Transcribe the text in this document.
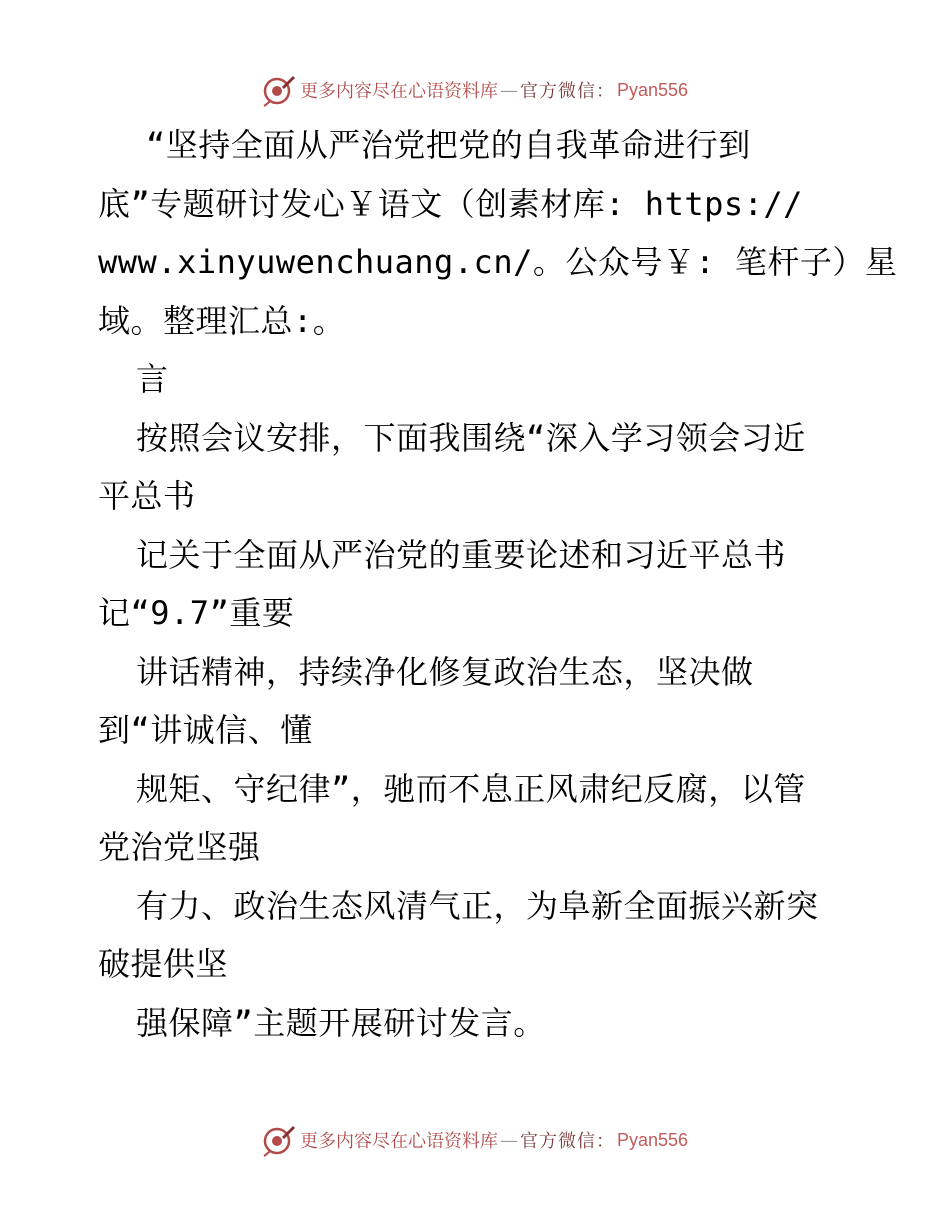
更多内容尽在心语资料库 — 官方微信： Pyan556
“坚持全面从严治党把党的自我革命进行到
底”专题研讨发心￥语文（创素材库: https://
www.xinyuwenchuang.cn/。公众号￥: 笔杆子）星
域。整理汇总:。
言
按照会议安排，下面我围绕“深入学习领会习近
平总书
记关于全面从严治党的重要论述和习近平总书
记“9.7”重要
讲话精神，持续净化修复政治生态，坚决做
到“讲诚信、懂
规矩、守纪律”，驰而不息正风肃纪反腐，以管
党治党坚强
有力、政治生态风清气正，为阜新全面振兴新突
破提供坚
强保障”主题开展研讨发言。
更多内容尽在心语资料库 — 官方微信： Pyan556
